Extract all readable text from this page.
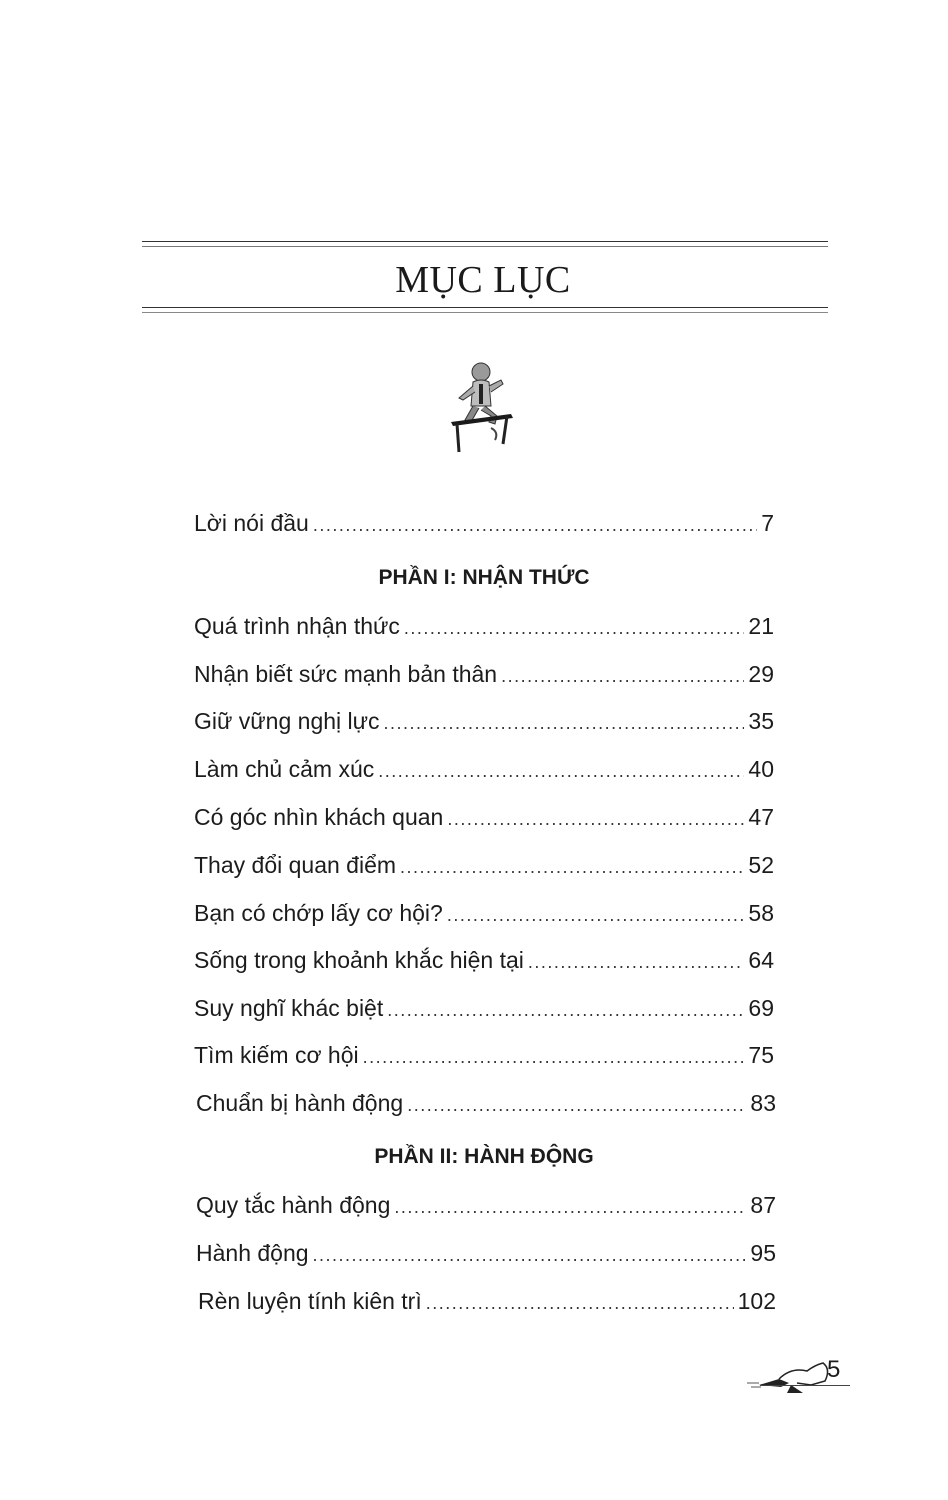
MỤC LỤC
Lời nói đầu .....	7
PHẦN I: NHẬN THỨC
Quá trình nhận thức .....	21
Nhận biết sức mạnh bản thân .....	29
Giữ vững nghị lực .....	35
Làm chủ cảm xúc .....	40
Có góc nhìn khách quan .....	47
Thay đổi quan điểm .....	52
Bạn có chớp lấy cơ hội? .....	58
Sống trong khoảnh khắc hiện tại .....	64
Suy nghĩ khác biệt .....	69
Tìm kiếm cơ hội .....	75
Chuẩn bị hành động .....	83
PHẦN II: HÀNH ĐỘNG
Quy tắc hành động .....	87
Hành động .....	95
Rèn luyện tính kiên trì .....	102
5
